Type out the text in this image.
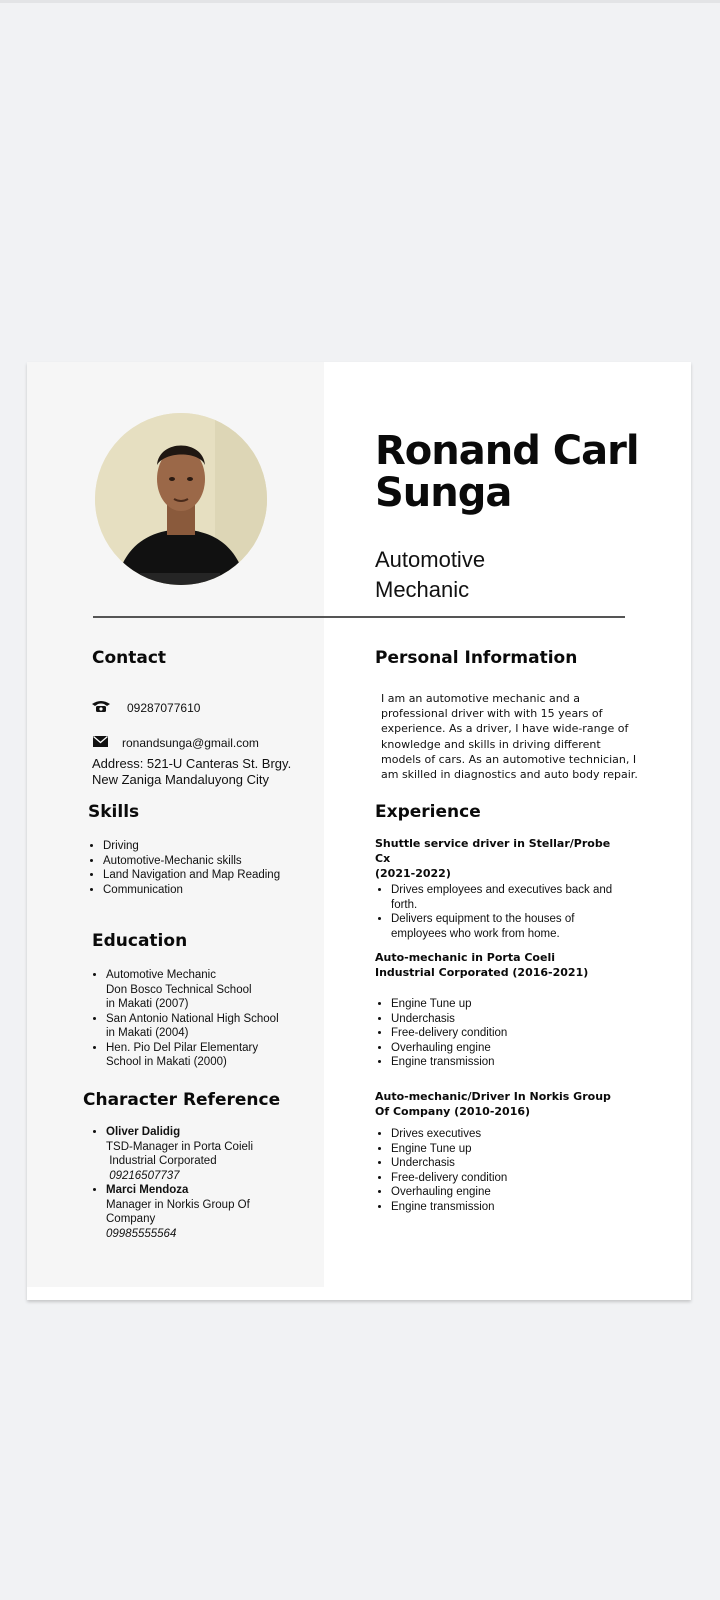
Ronand Carl Sunga
Automotive Mechanic
Contact
09287077610
ronandsunga@gmail.com
Address: 521-U Canteras St. Brgy. New Zaniga Mandaluyong City
Skills
• Driving
• Automotive-Mechanic skills
• Land Navigation and Map Reading
• Communication
Education
• Automotive Mechanic
Don Bosco Technical School
in Makati (2007)
• San Antonio National High School
in Makati (2004)
• Hen. Pio Del Pilar Elementary
School in Makati (2000)
Character Reference
• Oliver Dalidig
TSD-Manager in Porta Coieli
Industrial Corporated
09216507737
• Marci Mendoza
Manager in Norkis Group Of
Company
09985555564
Personal Information

I am an automotive mechanic and a professional driver with with 15 years of experience. As a driver, I have wide-range of knowledge and skills in driving different models of cars. As an automotive technician, I am skilled in diagnostics and auto body repair.

Experience
Shuttle service driver in Stellar/Probe Cx
(2021-2022)
• Drives employees and executives back and forth.
• Delivers equipment to the houses of employees who work from home.
Auto-mechanic in Porta Coeli Industrial Corporated (2016-2021)
• Engine Tune up
• Underchasis
• Free-delivery condition
• Overhauling engine
• Engine transmission
Auto-mechanic/Driver In Norkis Group Of Company (2010-2016)
• Drives executives
• Engine Tune up
• Underchasis
• Free-delivery condition
• Overhauling engine
• Engine transmission
